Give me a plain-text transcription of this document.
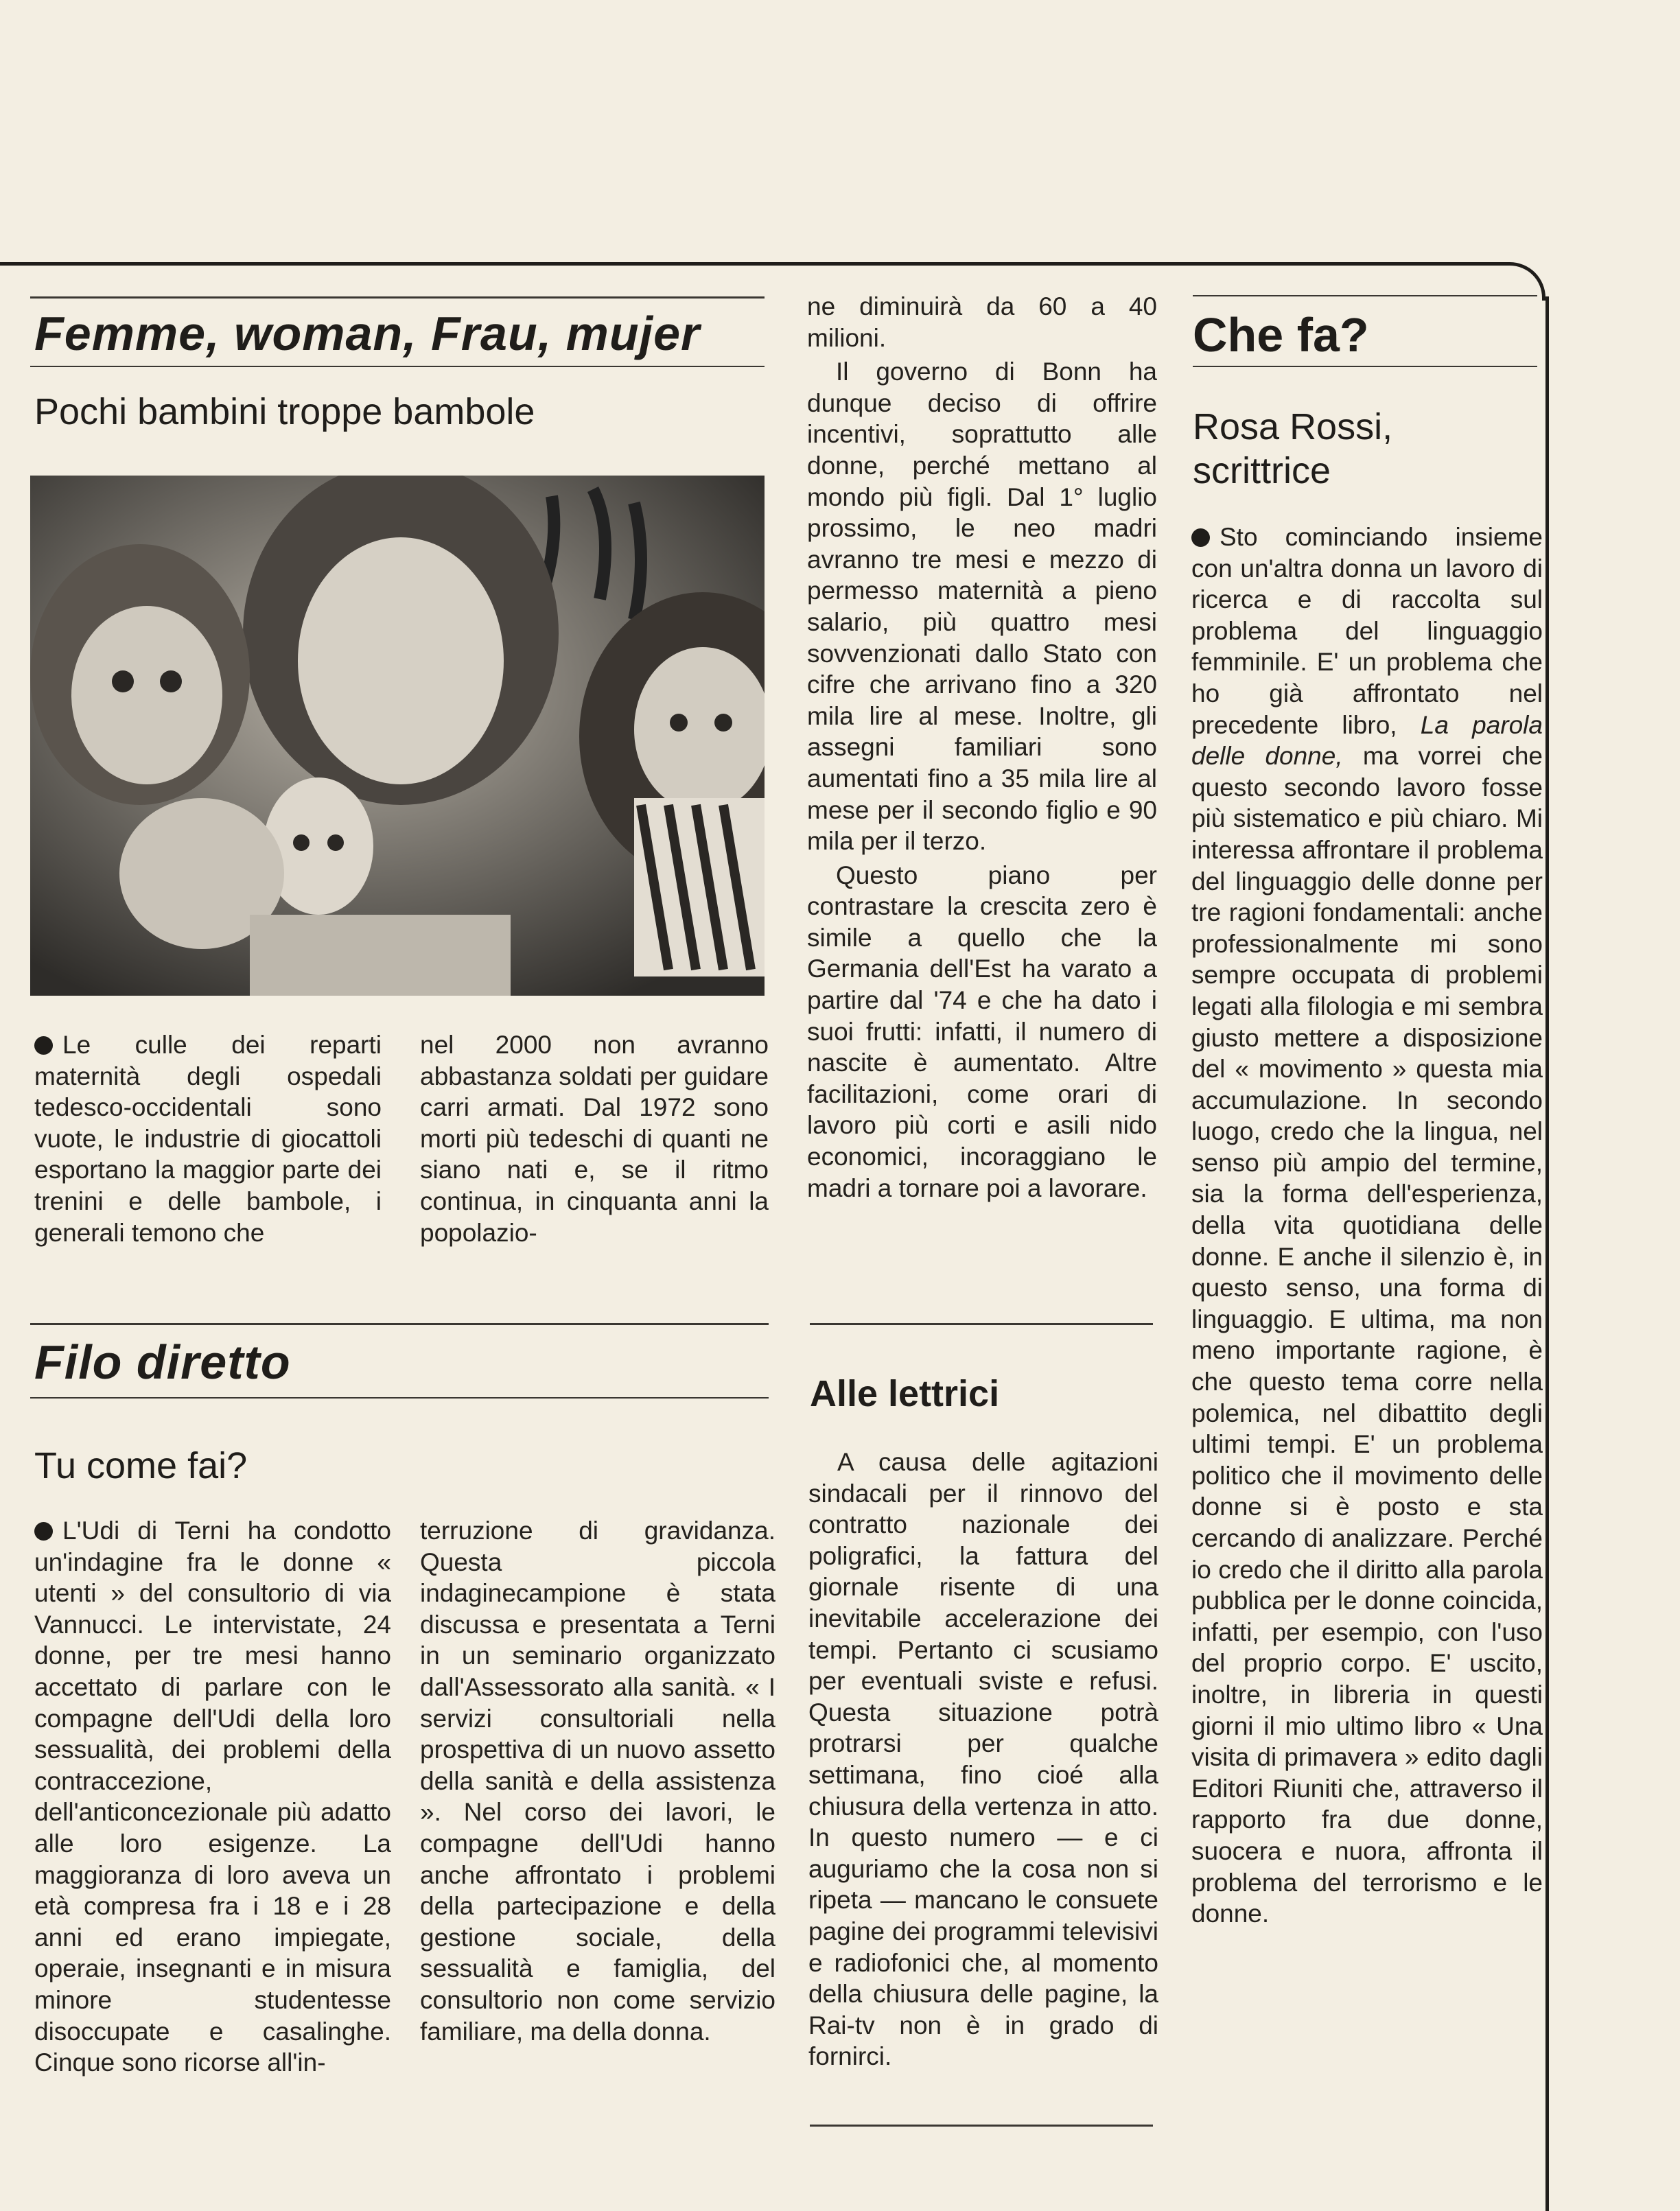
Femme, woman, Frau, mujer
Pochi bambini troppe bambole

Le culle dei reparti maternità degli ospedali tedesco-occidentali sono vuote, le industrie di giocattoli esportano la maggior parte dei trenini e delle bambole, i generali temono che

nel 2000 non avranno abbastanza soldati per guidare carri armati. Dal 1972 sono morti più tedeschi di quanti ne siano nati e, se il ritmo continua, in cinquanta anni la popolazio-

ne diminuirà da 60 a 40 milioni.

Il governo di Bonn ha dunque deciso di offrire incentivi, soprattutto alle donne, perché mettano al mondo più figli. Dal 1° luglio prossimo, le neo madri avranno tre mesi e mezzo di permesso maternità a pieno salario, più quattro mesi sovvenzionati dallo Stato con cifre che arrivano fino a 320 mila lire al mese. Inoltre, gli assegni familiari sono aumentati fino a 35 mila lire al mese per il secondo figlio e 90 mila per il terzo.

Questo piano per contrastare la crescita zero è simile a quello che la Germania dell'Est ha varato a partire dal '74 e che ha dato i suoi frutti: infatti, il numero di nascite è aumentato. Altre facilitazioni, come orari di lavoro più corti e asili nido economici, incoraggiano le madri a tornare poi a lavorare.

Filo diretto
Tu come fai?

L'Udi di Terni ha condotto un'indagine fra le donne « utenti » del consultorio di via Vannucci. Le intervistate, 24 donne, per tre mesi hanno accettato di parlare con le compagne dell'Udi della loro sessualità, dei problemi della contraccezione, dell'anticoncezionale più adatto alle loro esigenze. La maggioranza di loro aveva un età compresa fra i 18 e i 28 anni ed erano impiegate, operaie, insegnanti e in misura minore studentesse disoccupate e casalinghe. Cinque sono ricorse all'in-

terruzione di gravidanza. Questa piccola indaginecampione è stata discussa e presentata a Terni in un seminario organizzato dall'Assessorato alla sanità. « I servizi consultoriali nella prospettiva di un nuovo assetto della sanità e della assistenza ». Nel corso dei lavori, le compagne dell'Udi hanno anche affrontato i problemi della partecipazione e della gestione sociale, della sessualità e famiglia, del consultorio non come servizio familiare, ma della donna.

Alle lettrici

A causa delle agitazioni sindacali per il rinnovo del contratto nazionale dei poligrafici, la fattura del giornale risente di una inevitabile accelerazione dei tempi. Pertanto ci scusiamo per eventuali sviste e refusi. Questa situazione potrà protrarsi per qualche settimana, fino cioé alla chiusura della vertenza in atto. In questo numero — e ci auguriamo che la cosa non si ripeta — mancano le consuete pagine dei programmi televisivi e radiofonici che, al momento della chiusura delle pagine, la Rai-tv non è in grado di fornirci.

Che fa?
Rosa Rossi,
scrittrice

Sto cominciando insieme con un'altra donna un lavoro di ricerca e di raccolta sul problema del linguaggio femminile. E' un problema che ho già affrontato nel precedente libro, La parola delle donne, ma vorrei che questo secondo lavoro fosse più sistematico e più chiaro. Mi interessa affrontare il problema del linguaggio delle donne per tre ragioni fondamentali: anche professionalmente mi sono sempre occupata di problemi legati alla filologia e mi sembra giusto mettere a disposizione del « movimento » questa mia accumulazione. In secondo luogo, credo che la lingua, nel senso più ampio del termine, sia la forma dell'esperienza, della vita quotidiana delle donne. E anche il silenzio è, in questo senso, una forma di linguaggio. E ultima, ma non meno importante ragione, è che questo tema corre nella polemica, nel dibattito degli ultimi tempi. E' un problema politico che il movimento delle donne si è posto e sta cercando di analizzare. Perché io credo che il diritto alla parola pubblica per le donne coincida, infatti, per esempio, con l'uso del proprio corpo. E' uscito, inoltre, in libreria in questi giorni il mio ultimo libro « Una visita di primavera » edito dagli Editori Riuniti che, attraverso il rapporto fra due donne, suocera e nuora, affronta il problema del terrorismo e le donne.
